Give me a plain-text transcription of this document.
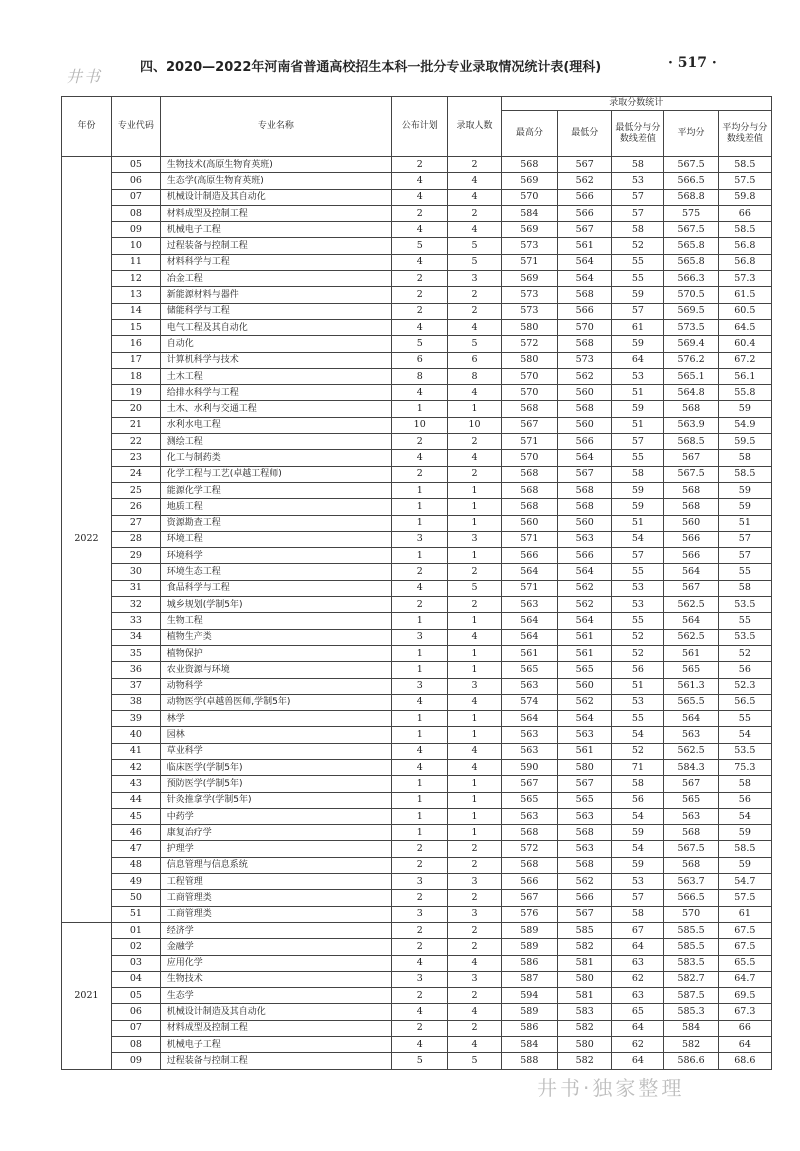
井书	四、2020—2022年河南省普通高校招生本科一批分专业录取情况统计表(理科)	· 517 ·
年份	专业代码	专业名称	公布计划	录取人数	录取分数统计				
					最高分	最低分	最低分与分数线差值	平均分	平均分与分数线差值
2022	05	生物技术(高原生物育英班)	2	2	568	567	58	567.5	58.5
	06	生态学(高原生物育英班)	4	4	569	562	53	566.5	57.5
	07	机械设计制造及其自动化	4	4	570	566	57	568.8	59.8
	08	材料成型及控制工程	2	2	584	566	57	575	66
	09	机械电子工程	4	4	569	567	58	567.5	58.5
	10	过程装备与控制工程	5	5	573	561	52	565.8	56.8
	11	材料科学与工程	4	5	571	564	55	565.8	56.8
	12	冶金工程	2	3	569	564	55	566.3	57.3
	13	新能源材料与器件	2	2	573	568	59	570.5	61.5
	14	储能科学与工程	2	2	573	566	57	569.5	60.5
	15	电气工程及其自动化	4	4	580	570	61	573.5	64.5
	16	自动化	5	5	572	568	59	569.4	60.4
	17	计算机科学与技术	6	6	580	573	64	576.2	67.2
	18	土木工程	8	8	570	562	53	565.1	56.1
	19	给排水科学与工程	4	4	570	560	51	564.8	55.8
	20	土木、水利与交通工程	1	1	568	568	59	568	59
	21	水利水电工程	10	10	567	560	51	563.9	54.9
	22	测绘工程	2	2	571	566	57	568.5	59.5
	23	化工与制药类	4	4	570	564	55	567	58
	24	化学工程与工艺(卓越工程师)	2	2	568	567	58	567.5	58.5
	25	能源化学工程	1	1	568	568	59	568	59
	26	地质工程	1	1	568	568	59	568	59
	27	资源勘查工程	1	1	560	560	51	560	51
	28	环境工程	3	3	571	563	54	566	57
	29	环境科学	1	1	566	566	57	566	57
	30	环境生态工程	2	2	564	564	55	564	55
	31	食品科学与工程	4	5	571	562	53	567	58
	32	城乡规划(学制5年)	2	2	563	562	53	562.5	53.5
	33	生物工程	1	1	564	564	55	564	55
	34	植物生产类	3	4	564	561	52	562.5	53.5
	35	植物保护	1	1	561	561	52	561	52
	36	农业资源与环境	1	1	565	565	56	565	56
	37	动物科学	3	3	563	560	51	561.3	52.3
	38	动物医学(卓越兽医师,学制5年)	4	4	574	562	53	565.5	56.5
	39	林学	1	1	564	564	55	564	55
	40	园林	1	1	563	563	54	563	54
	41	草业科学	4	4	563	561	52	562.5	53.5
	42	临床医学(学制5年)	4	4	590	580	71	584.3	75.3
	43	预防医学(学制5年)	1	1	567	567	58	567	58
	44	针灸推拿学(学制5年)	1	1	565	565	56	565	56
	45	中药学	1	1	563	563	54	563	54
	46	康复治疗学	1	1	568	568	59	568	59
	47	护理学	2	2	572	563	54	567.5	58.5
	48	信息管理与信息系统	2	2	568	568	59	568	59
	49	工程管理	3	3	566	562	53	563.7	54.7
	50	工商管理类	2	2	567	566	57	566.5	57.5
	51	工商管理类	3	3	576	567	58	570	61
2021	01	经济学	2	2	589	585	67	585.5	67.5
	02	金融学	2	2	589	582	64	585.5	67.5
	03	应用化学	4	4	586	581	63	583.5	65.5
	04	生物技术	3	3	587	580	62	582.7	64.7
	05	生态学	2	2	594	581	63	587.5	69.5
	06	机械设计制造及其自动化	4	4	589	583	65	585.3	67.3
	07	材料成型及控制工程	2	2	586	582	64	584	66
	08	机械电子工程	4	4	584	580	62	582	64
	09	过程装备与控制工程	5	5	588	582	64	586.6	68.6
井书·独家整理
